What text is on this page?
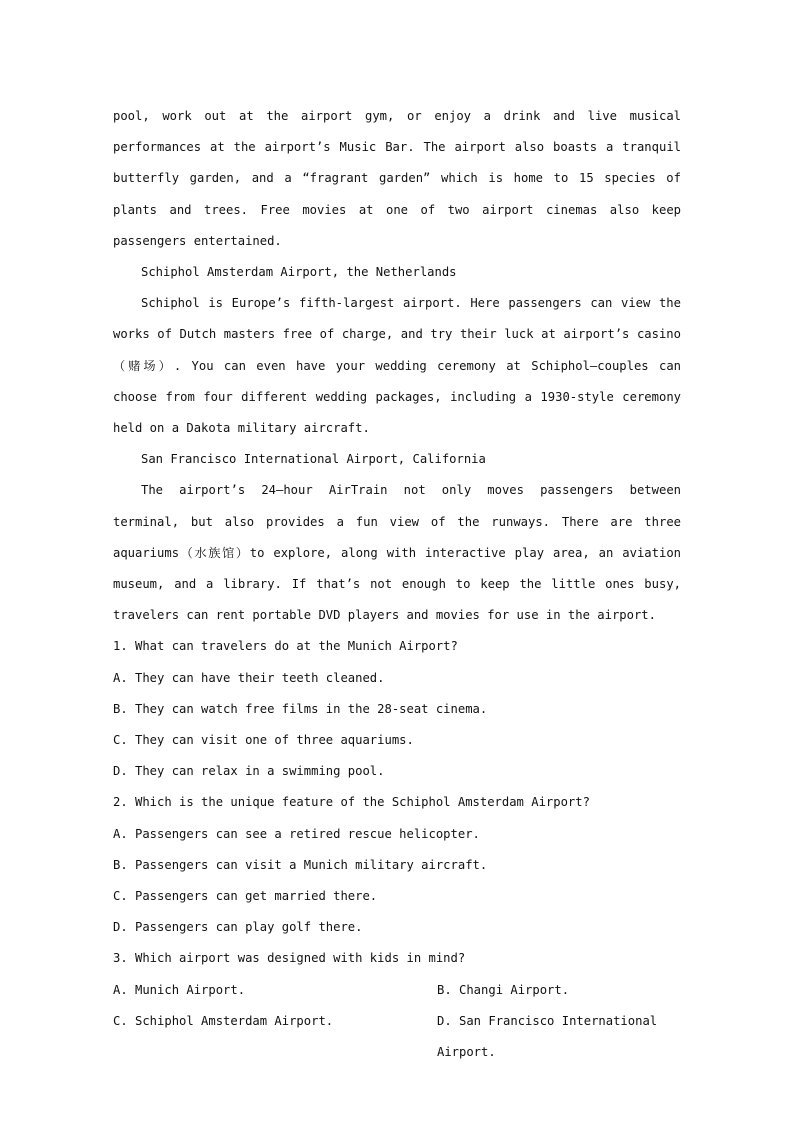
pool, work out at the airport gym, or enjoy a drink and live musical performances at the airport’s Music Bar. The airport also boasts a tranquil butterfly garden, and a “fragrant garden” which is home to 15 species of plants and trees. Free movies at one of two airport cinemas also keep passengers entertained.

Schiphol Amsterdam Airport, the Netherlands

Schiphol is Europe’s fifth-largest airport. Here passengers can view the works of Dutch masters free of charge, and try their luck at airport’s casino（赌场）. You can even have your wedding ceremony at Schiphol—couples can choose from four different wedding packages, including a 1930-style ceremony held on a Dakota military aircraft.

San Francisco International Airport, California

The airport’s 24–hour AirTrain not only moves passengers between terminal, but also provides a fun view of the runways. There are three aquariums（水族馆）to explore, along with interactive play area, an aviation museum, and a library. If that’s not enough to keep the little ones busy, travelers can rent portable DVD players and movies for use in the airport.

1. What can travelers do at the Munich Airport?

A. They can have their teeth cleaned.

B. They can watch free films in the 28-seat cinema.

C. They can visit one of three aquariums.

D. They can relax in a swimming pool.

2. Which is the unique feature of the Schiphol Amsterdam Airport?

A. Passengers can see a retired rescue helicopter.

B. Passengers can visit a Munich military aircraft.

C. Passengers can get married there.

D. Passengers can play golf there.

3. Which airport was designed with kids in mind?

A. Munich Airport.	B. Changi Airport.
C. Schiphol Amsterdam Airport.	D. San Francisco International Airport.
